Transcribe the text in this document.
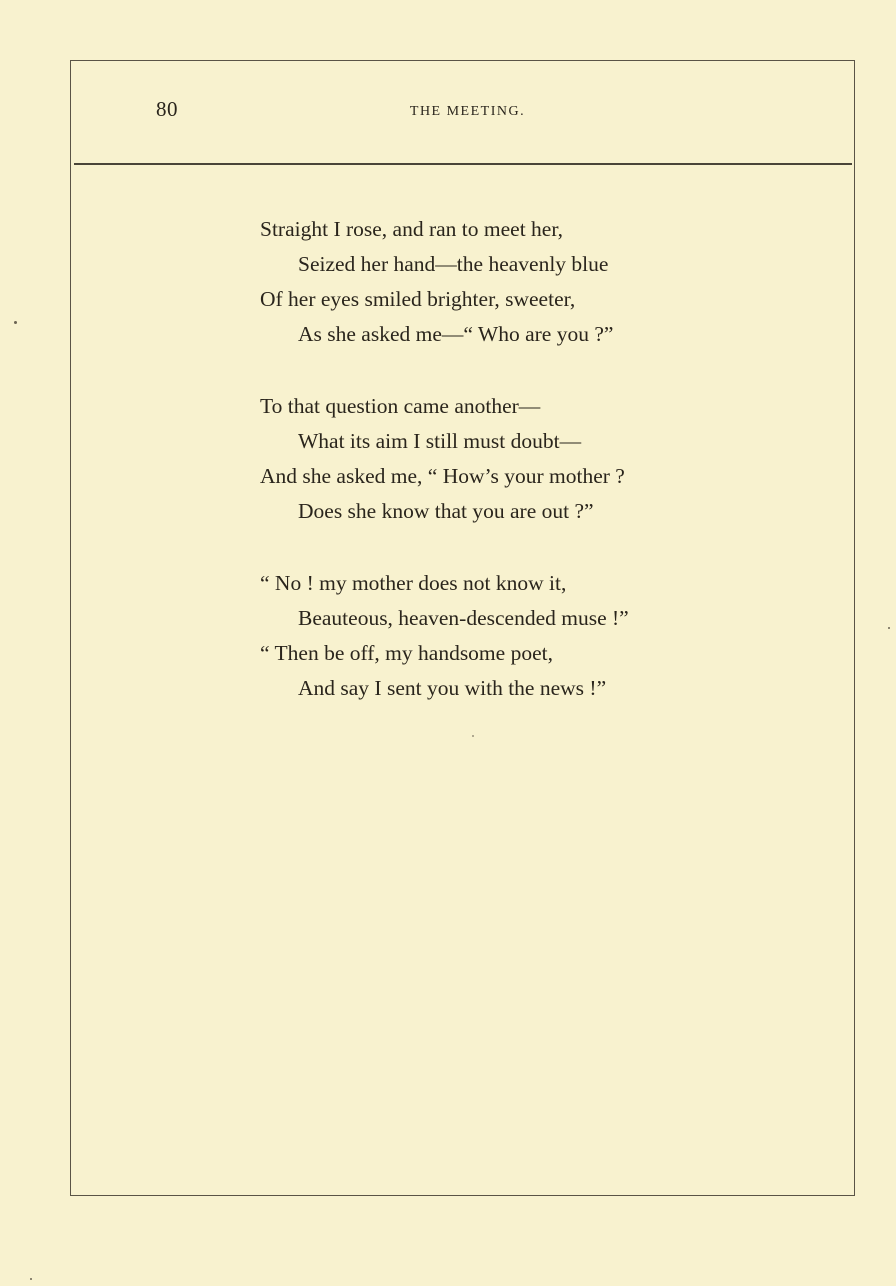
80	THE MEETING.
Straight I rose, and ran to meet her,
Seized her hand—the heavenly blue
Of her eyes smiled brighter, sweeter,
As she asked me—“ Who are you ?”
To that question came another—
What its aim I still must doubt—
And she asked me, “ How’s your mother ?
Does she know that you are out ?”
“ No ! my mother does not know it,
Beauteous, heaven-descended muse !”
“ Then be off, my handsome poet,
And say I sent you with the news !”
